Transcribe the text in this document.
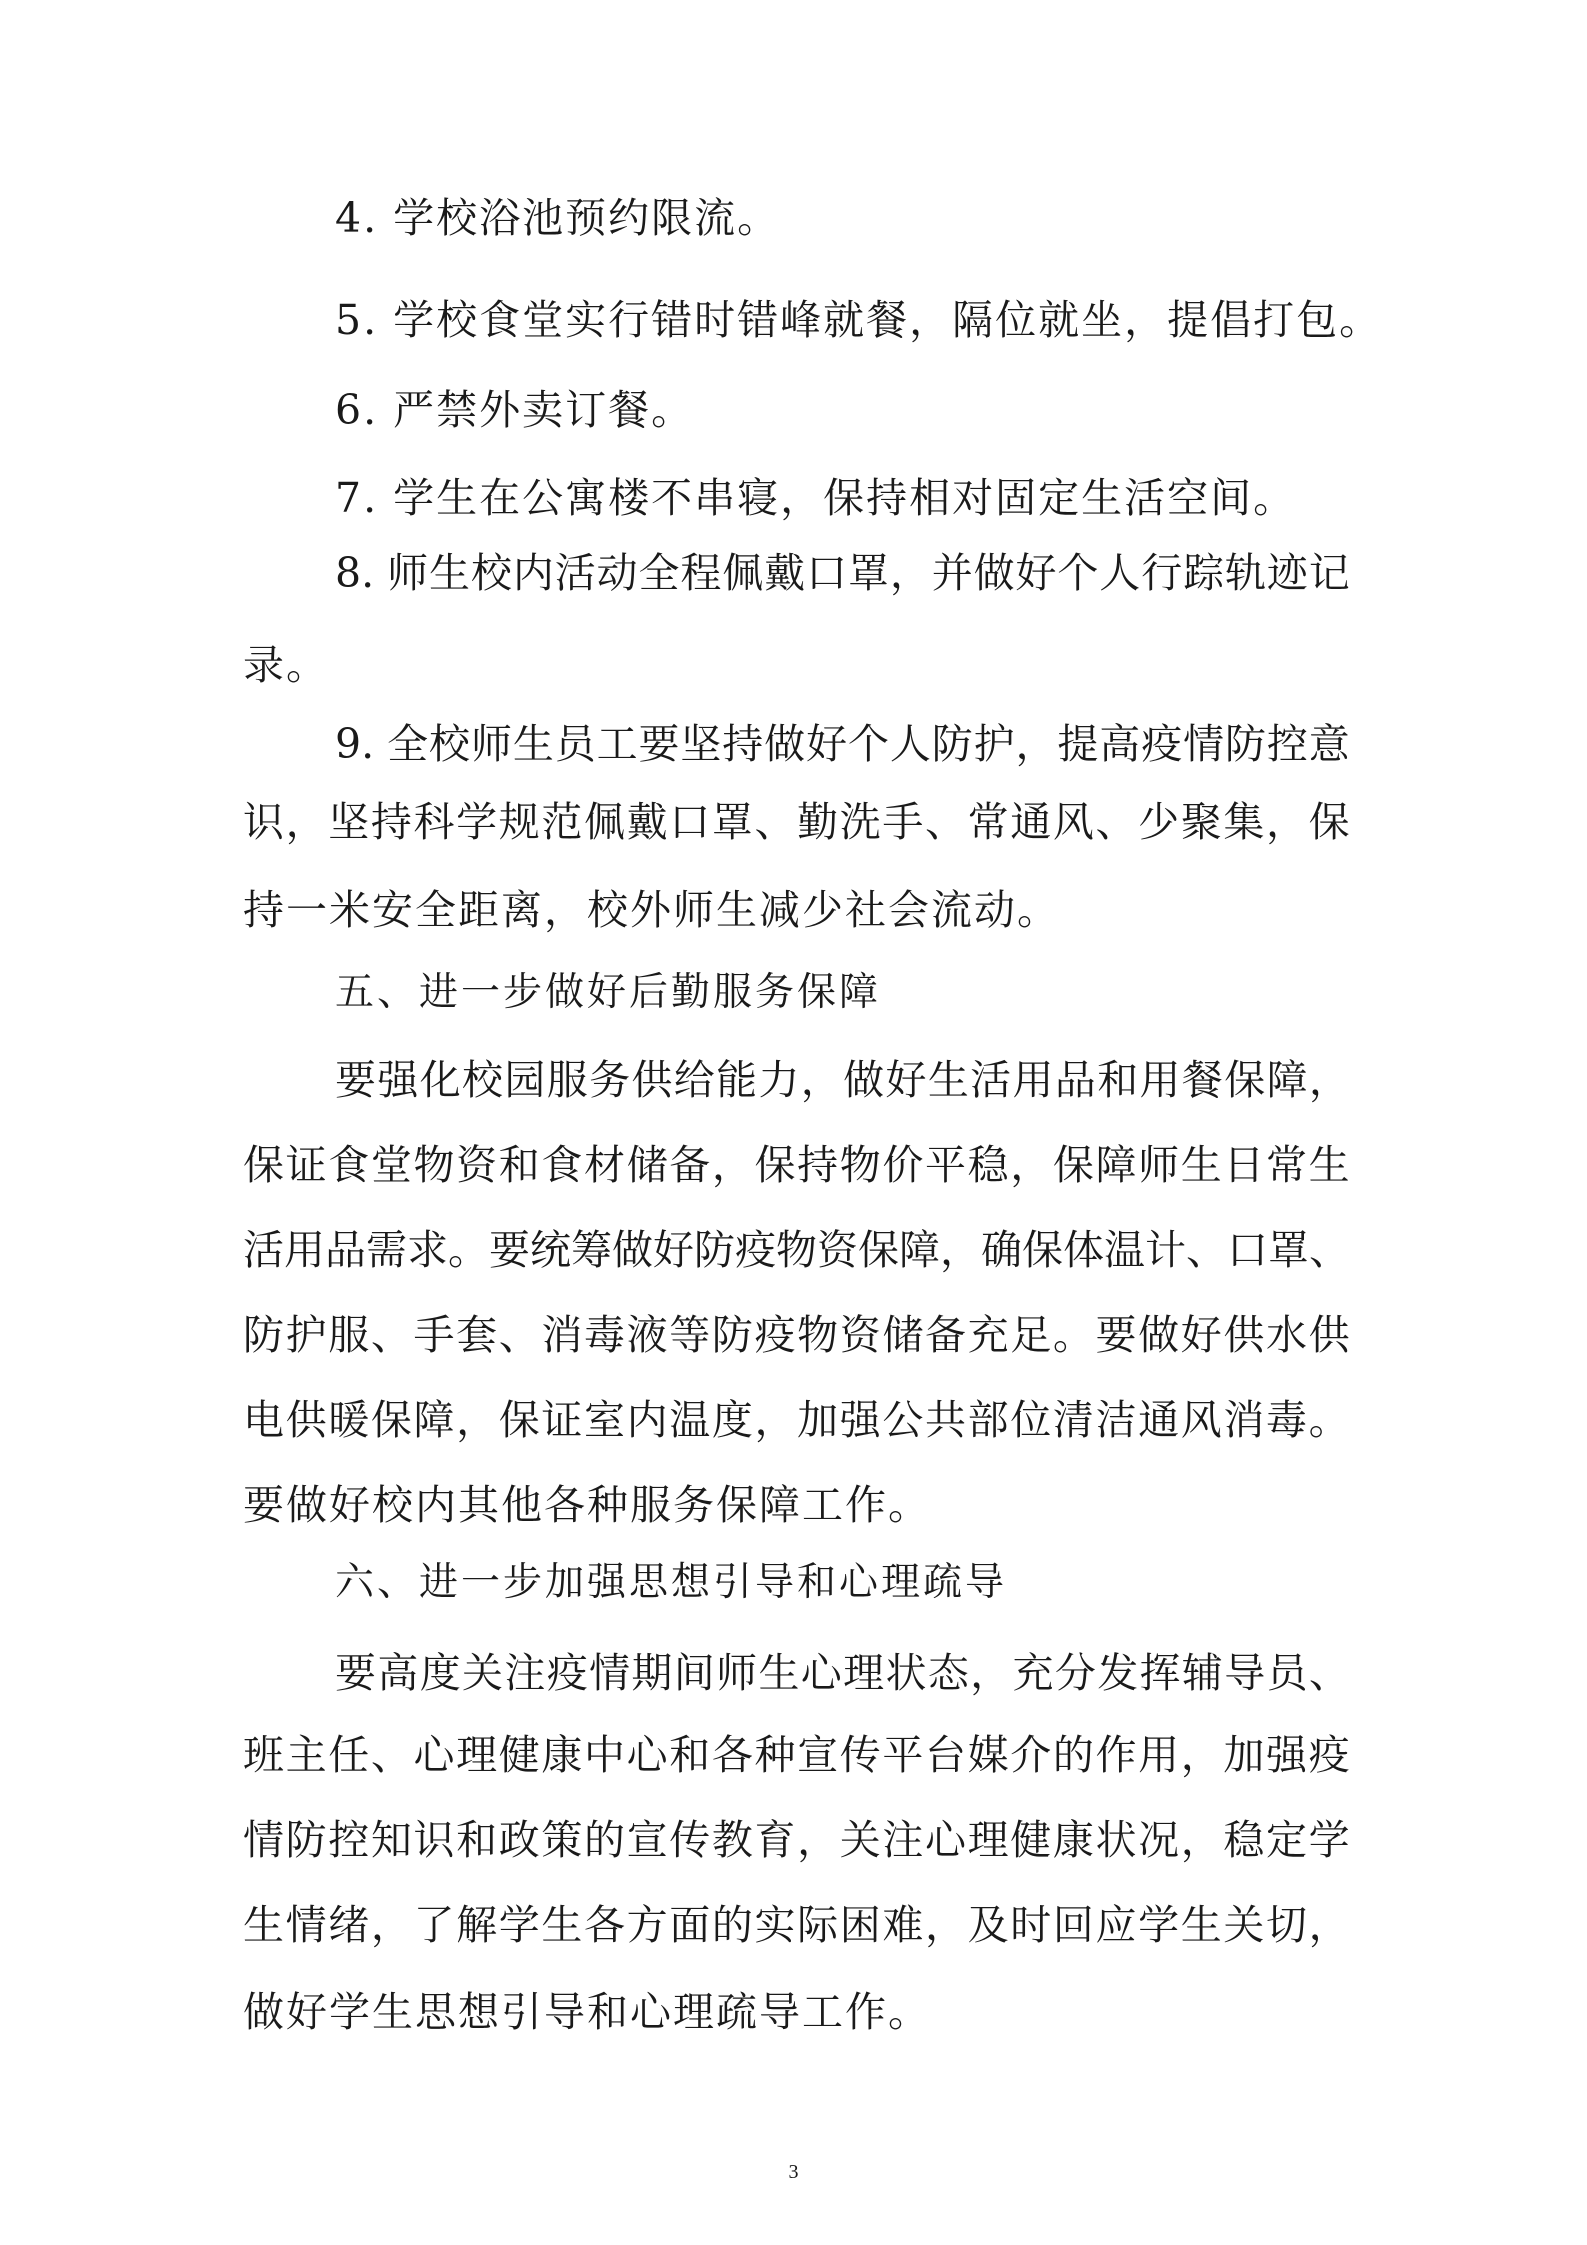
4. 学校浴池预约限流。
5. 学校食堂实行错时错峰就餐，隔位就坐，提倡打包。
6. 严禁外卖订餐。
7. 学生在公寓楼不串寝，保持相对固定生活空间。
8. 师 生 校 内 活 动 全 程 佩 戴 口 罩 ， 并 做 好 个 人 行 踪 轨 迹 记
录。
9. 全 校 师 生 员 工 要 坚 持 做 好 个 人 防 护 ， 提 高 疫 情 防 控 意
识 ， 坚 持 科 学 规 范 佩 戴 口 罩 、 勤 洗 手 、 常 通 风 、 少 聚 集 ， 保
持一米安全距离，校外师生减少社会流动。
五、进一步做好后勤服务保障
要 强 化 校 园 服 务 供 给 能 力 ， 做 好 生 活 用 品 和 用 餐 保 障 ，
保 证 食 堂 物 资 和 食 材 储 备 ， 保 持 物 价 平 稳 ， 保 障 师 生 日 常 生
活 用 品 需 求 。 要 统 筹 做 好 防 疫 物 资 保 障 ， 确 保 体 温 计 、 口 罩 、
防 护 服 、 手 套 、 消 毒 液 等 防 疫 物 资 储 备 充 足 。 要 做 好 供 水 供
电 供 暖 保 障 ， 保 证 室 内 温 度 ， 加 强 公 共 部 位 清 洁 通 风 消 毒 。
要做好校内其他各种服务保障工作。
六、进一步加强思想引导和心理疏导
要 高 度 关 注 疫 情 期 间 师 生 心 理 状 态 ， 充 分 发 挥 辅 导 员 、
班 主 任 、 心 理 健 康 中 心 和 各 种 宣 传 平 台 媒 介 的 作 用 ， 加 强 疫
情 防 控 知 识 和 政 策 的 宣 传 教 育 ， 关 注 心 理 健 康 状 况 ， 稳 定 学
生 情 绪 ， 了 解 学 生 各 方 面 的 实 际 困 难 ， 及 时 回 应 学 生 关 切 ，
做好学生思想引导和心理疏导工作。
3
